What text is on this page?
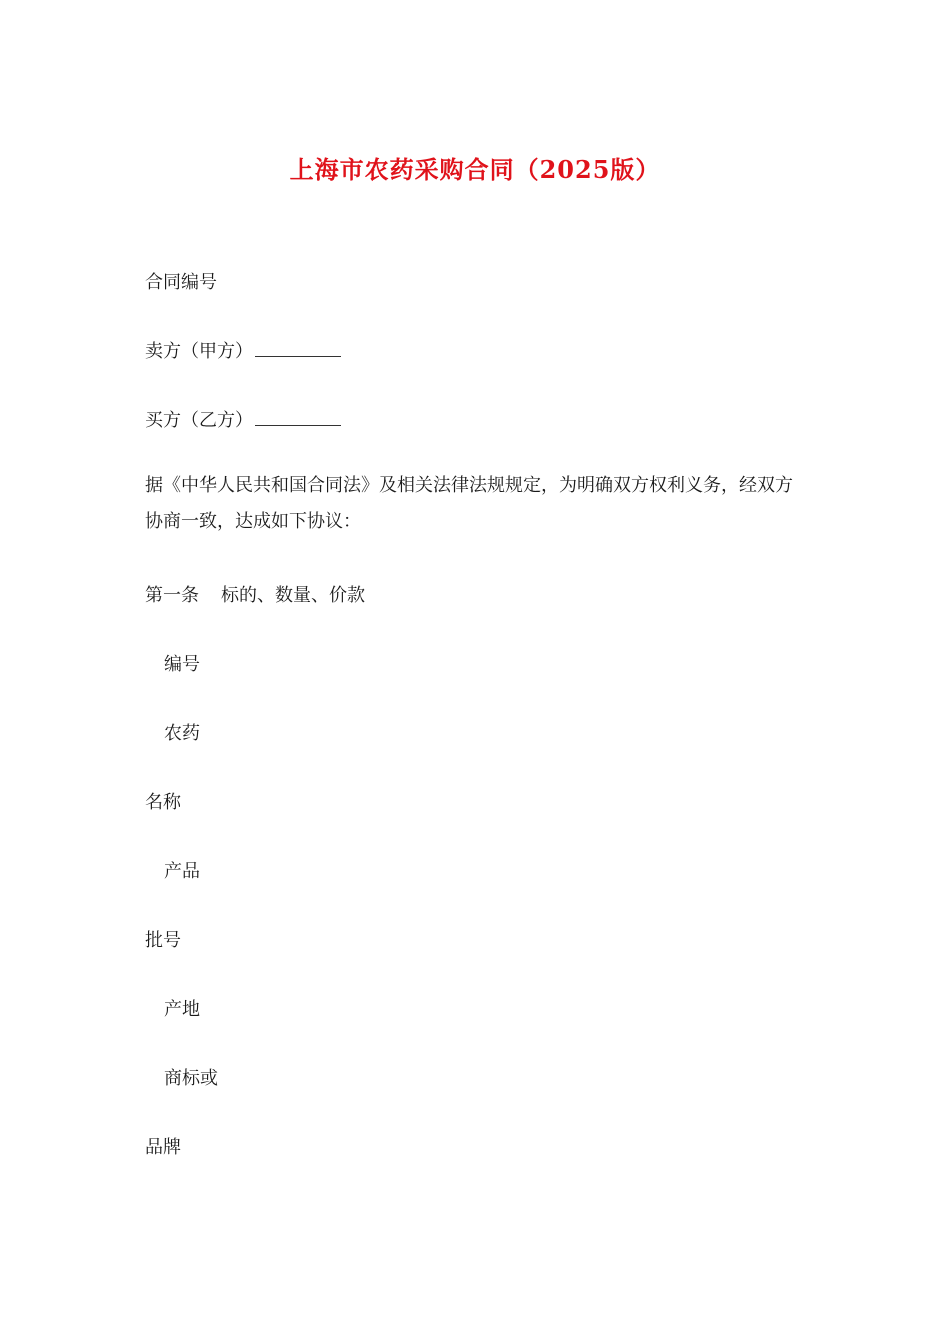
上海市农药采购合同（2025版）
合同编号
卖方（甲方）
买方（乙方）
据《中华人民共和国合同法》及相关法律法规规定，为明确双方权利义务，经双方协商一致，达成如下协议：
第一条 标的、数量、价款
编号
农药
名称
产品
批号
产地
商标或
品牌
